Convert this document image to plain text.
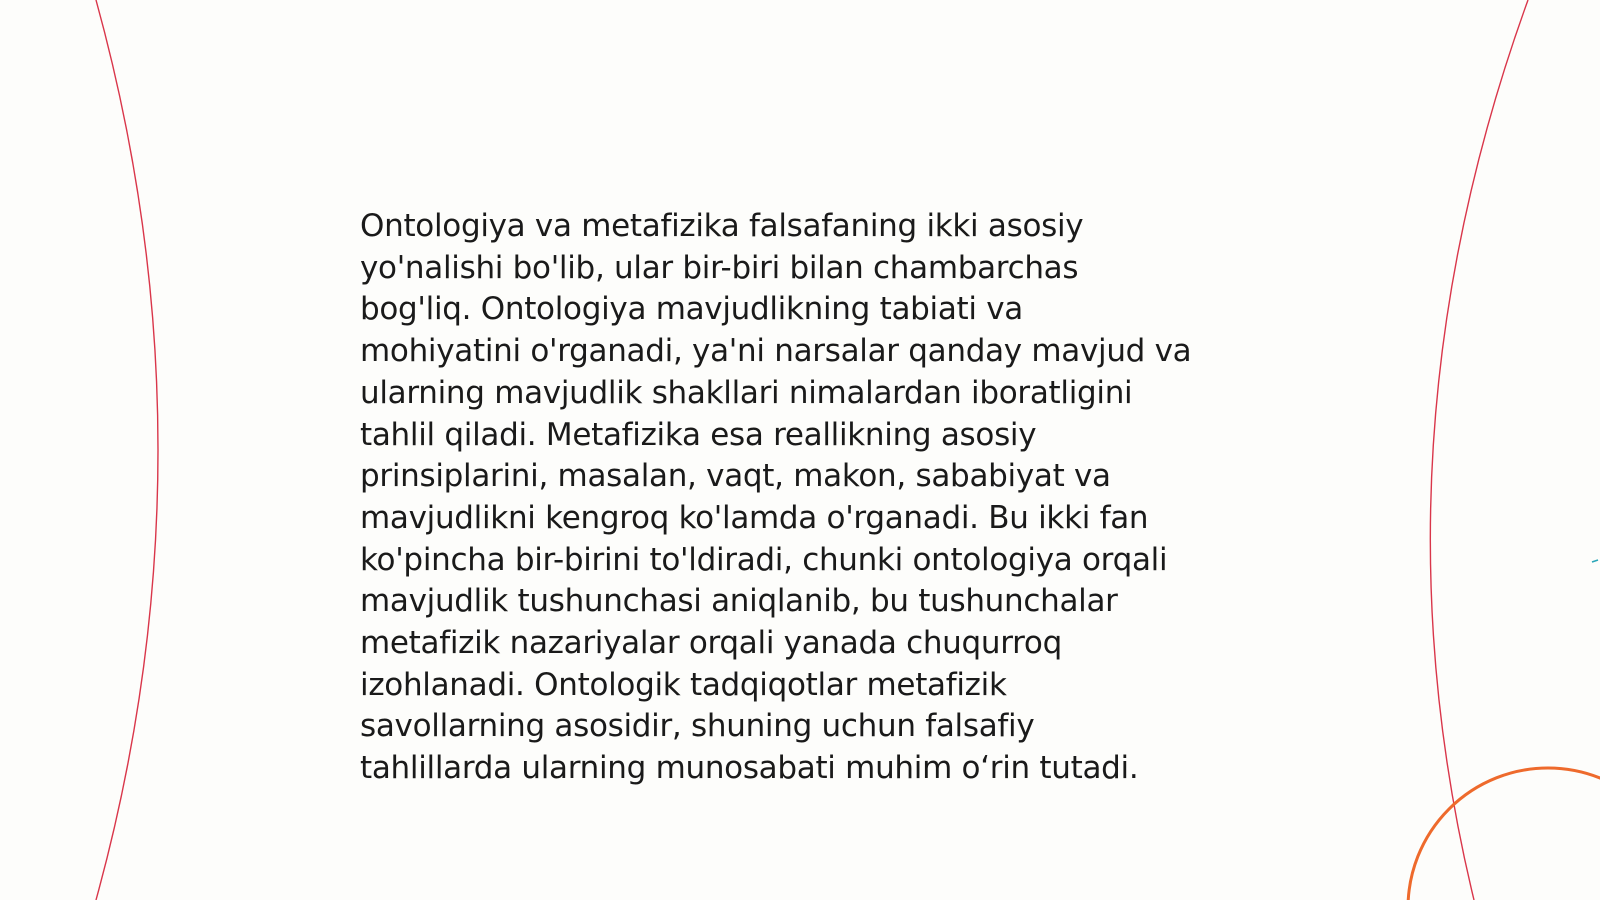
Ontologiya va metafizika falsafaning ikki asosiy
yo'nalishi bo'lib, ular bir-biri bilan chambarchas
bog'liq. Ontologiya mavjudlikning tabiati va
mohiyatini o'rganadi, ya'ni narsalar qanday mavjud va
ularning mavjudlik shakllari nimalardan iboratligini
tahlil qiladi. Metafizika esa reallikning asosiy
prinsiplarini, masalan, vaqt, makon, sababiyat va
mavjudlikni kengroq ko'lamda o'rganadi. Bu ikki fan
ko'pincha bir-birini to'ldiradi, chunki ontologiya orqali
mavjudlik tushunchasi aniqlanib, bu tushunchalar
metafizik nazariyalar orqali yanada chuqurroq
izohlanadi. Ontologik tadqiqotlar metafizik
savollarning asosidir, shuning uchun falsafiy
tahlillarda ularning munosabati muhim o‘rin tutadi.
